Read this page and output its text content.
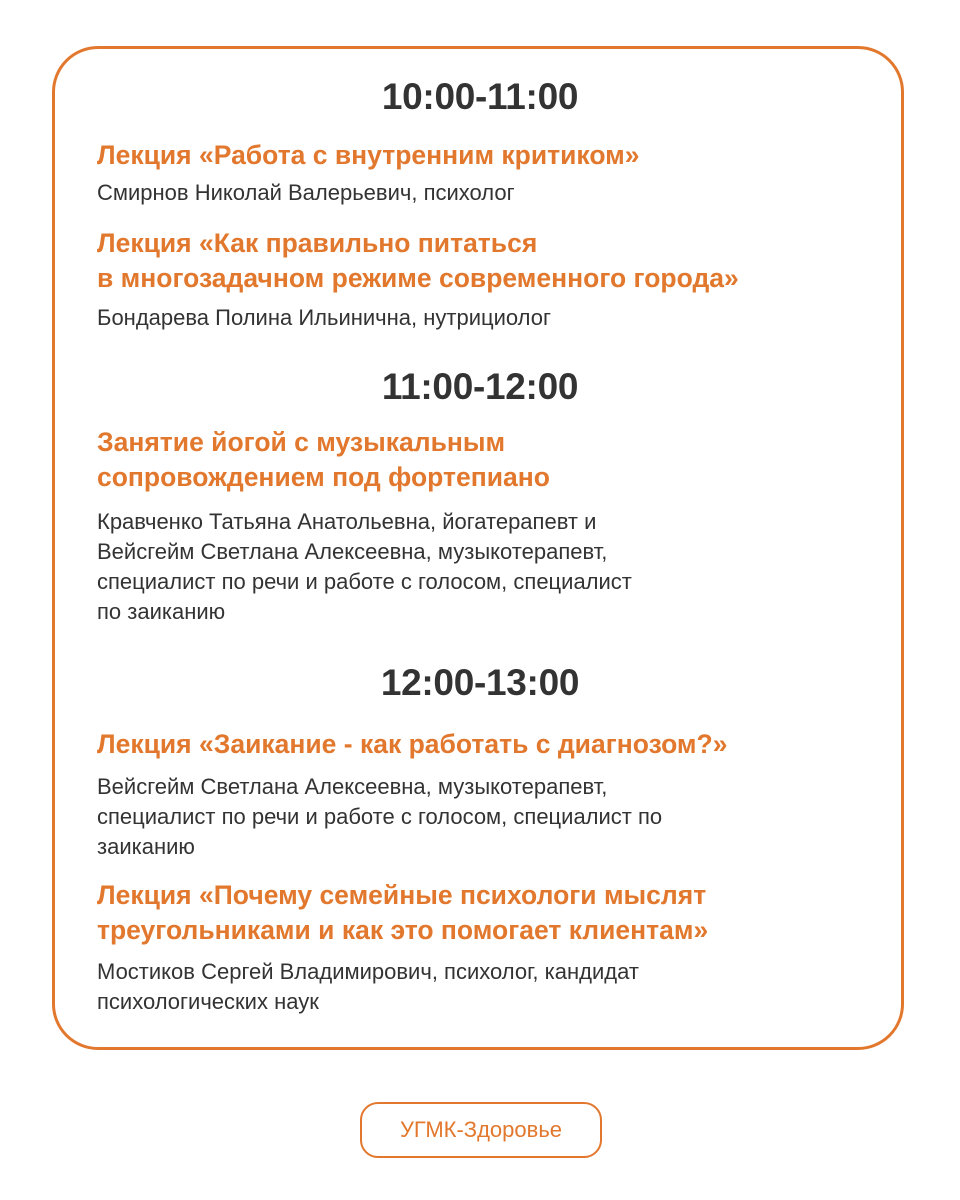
10:00-11:00

Лекция «Работа с внутренним критиком»

Смирнов Николай Валерьевич, психолог

Лекция «Как правильно питаться

в многозадачном режиме современного города»

Бондарева Полина Ильинична, нутрициолог

11:00-12:00

Занятие йогой с музыкальным

сопровождением под фортепиано

Кравченко Татьяна Анатольевна, йогатерапевт и

Вейсгейм Светлана Алексеевна, музыкотерапевт,

специалист по речи и работе с голосом, специалист

по заиканию

12:00-13:00

Лекция «Заикание - как работать с диагнозом?»

Вейсгейм Светлана Алексеевна, музыкотерапевт,

специалист по речи и работе с голосом, специалист по

заиканию

Лекция «Почему семейные психологи мыслят

треугольниками и как это помогает клиентам»

Мостиков Сергей Владимирович, психолог, кандидат

психологических наук

УГМК-Здоровье
